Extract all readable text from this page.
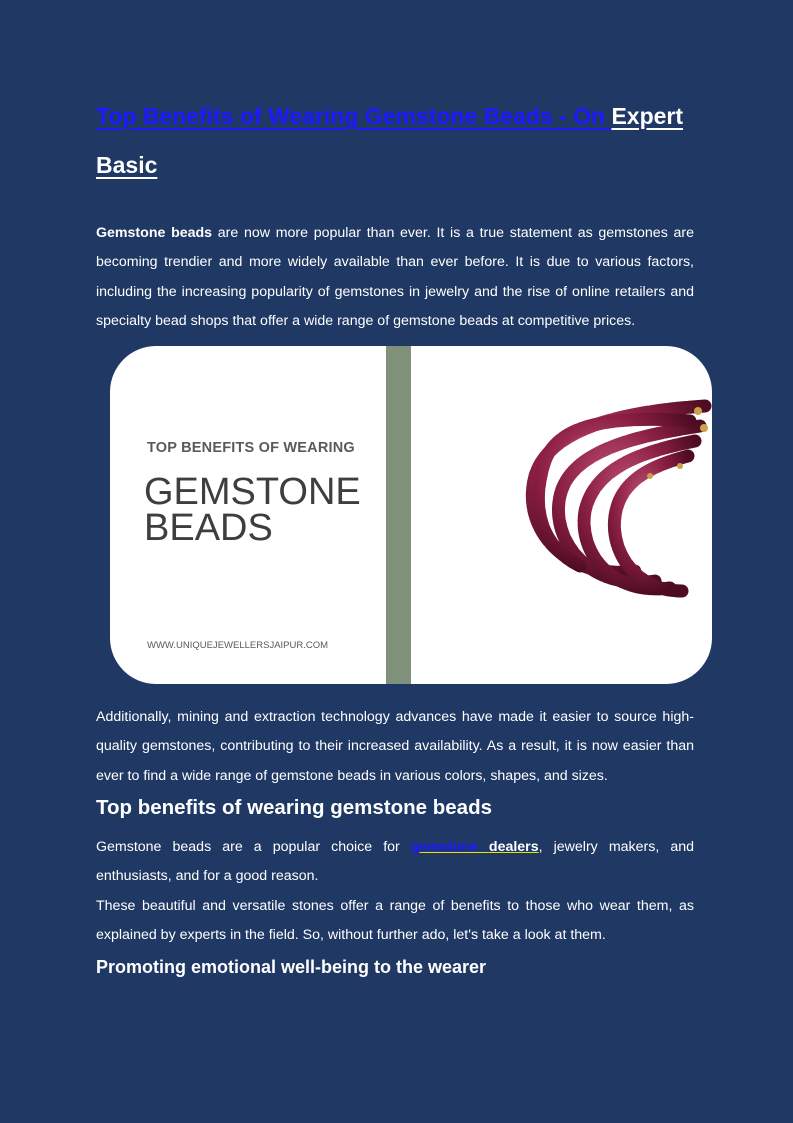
Top Benefits of Wearing Gemstone Beads - On Expert Basic

Gemstone beads are now more popular than ever. It is a true statement as gemstones are becoming trendier and more widely available than ever before. It is due to various factors, including the increasing popularity of gemstones in jewelry and the rise of online retailers and specialty bead shops that offer a wide range of gemstone beads at competitive prices.

TOP BENEFITS OF WEARING
GEMSTONE
BEADS
WWW.UNIQUEJEWELLERSJAIPUR.COM

Additionally, mining and extraction technology advances have made it easier to source high-quality gemstones, contributing to their increased availability. As a result, it is now easier than ever to find a wide range of gemstone beads in various colors, shapes, and sizes.

Top benefits of wearing gemstone beads

Gemstone beads are a popular choice for gemstone dealers, jewelry makers, and enthusiasts, and for a good reason.

These beautiful and versatile stones offer a range of benefits to those who wear them, as explained by experts in the field. So, without further ado, let's take a look at them.

Promoting emotional well-being to the wearer
